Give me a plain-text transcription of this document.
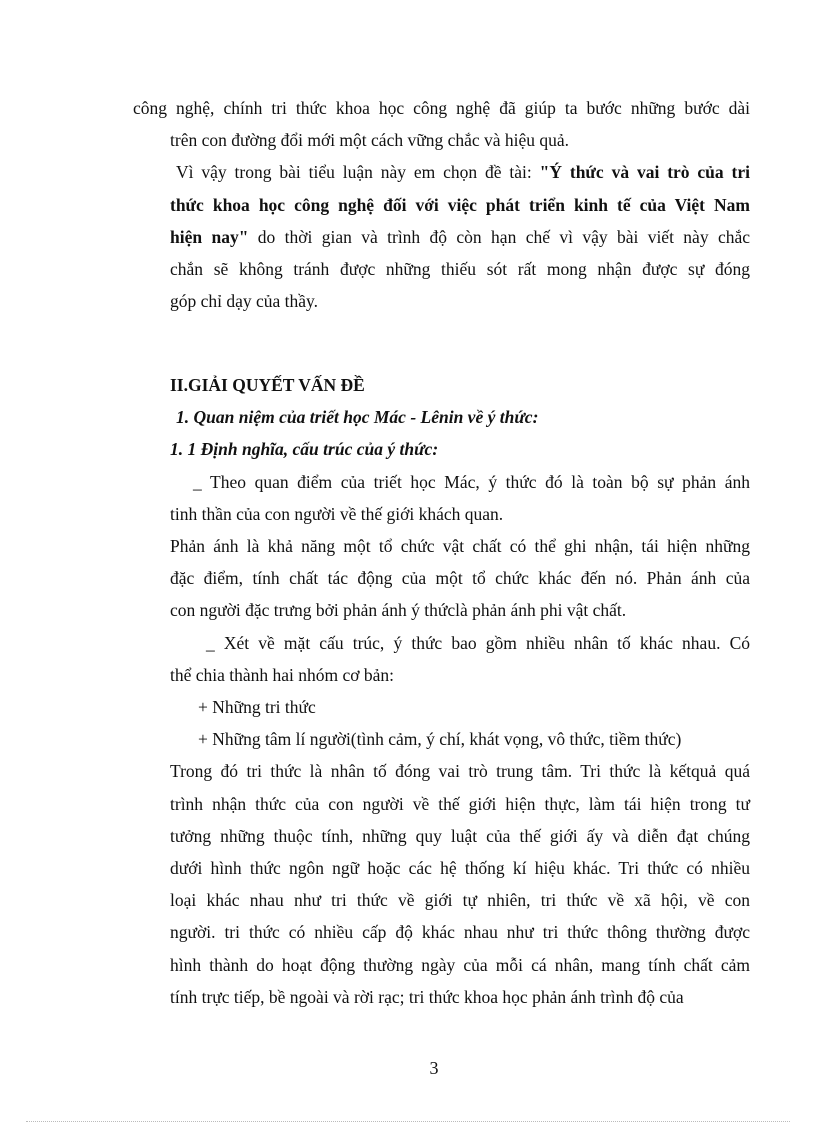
công nghệ, chính tri thức khoa học công nghệ đã giúp ta bước những bước dài
trên con đường đổi mới một cách vững chắc và hiệu quả.
Vì vậy trong bài tiểu luận này em chọn đề tài: "Ý thức và vai trò của tri
thức khoa học công nghệ đối với việc phát triển kinh tế của Việt Nam
hiện nay" do thời gian và trình độ còn hạn chế vì vậy bài viết này chắc
chắn sẽ không tránh được những thiếu sót rất mong nhận được sự đóng
góp chỉ dạy của thầy.
II.GIẢI QUYẾT VẤN ĐỀ
1. Quan niệm của triết học Mác - Lênin về ý thức:
1. 1 Định nghĩa, cấu trúc của ý thức:
_ Theo quan điểm của triết học Mác, ý thức đó là toàn bộ sự phản ánh
tinh thần của con người về thế giới khách quan.
Phản ánh là khả năng một tổ chức vật chất có thể ghi nhận, tái hiện những
đặc điểm, tính chất tác động của một tổ chức khác đến nó. Phản ánh của
con người đặc trưng bởi phản ánh ý thứclà phản ánh phi vật chất.
_ Xét về mặt cấu trúc, ý thức bao gồm nhiều nhân tố khác nhau. Có
thể chia thành hai nhóm cơ bản:
+ Những tri thức
+ Những tâm lí người(tình cảm, ý chí, khát vọng, vô thức, tiềm thức)
Trong đó tri thức là nhân tố đóng vai trò trung tâm. Tri thức là kếtquả quá
trình nhận thức của con người về thế giới hiện thực, làm tái hiện trong tư
tưởng những thuộc tính, những quy luật của thế giới ấy và diễn đạt chúng
dưới hình thức ngôn ngữ hoặc các hệ thống kí hiệu khác. Tri thức có nhiều
loại khác nhau như tri thức về giới tự nhiên, tri thức về xã hội, về con
người. tri thức có nhiều cấp độ khác nhau như tri thức thông thường được
hình thành do hoạt động thường ngày của mỗi cá nhân, mang tính chất cảm
tính trực tiếp, bề ngoài và rời rạc; tri thức khoa học phản ánh trình độ của
3
